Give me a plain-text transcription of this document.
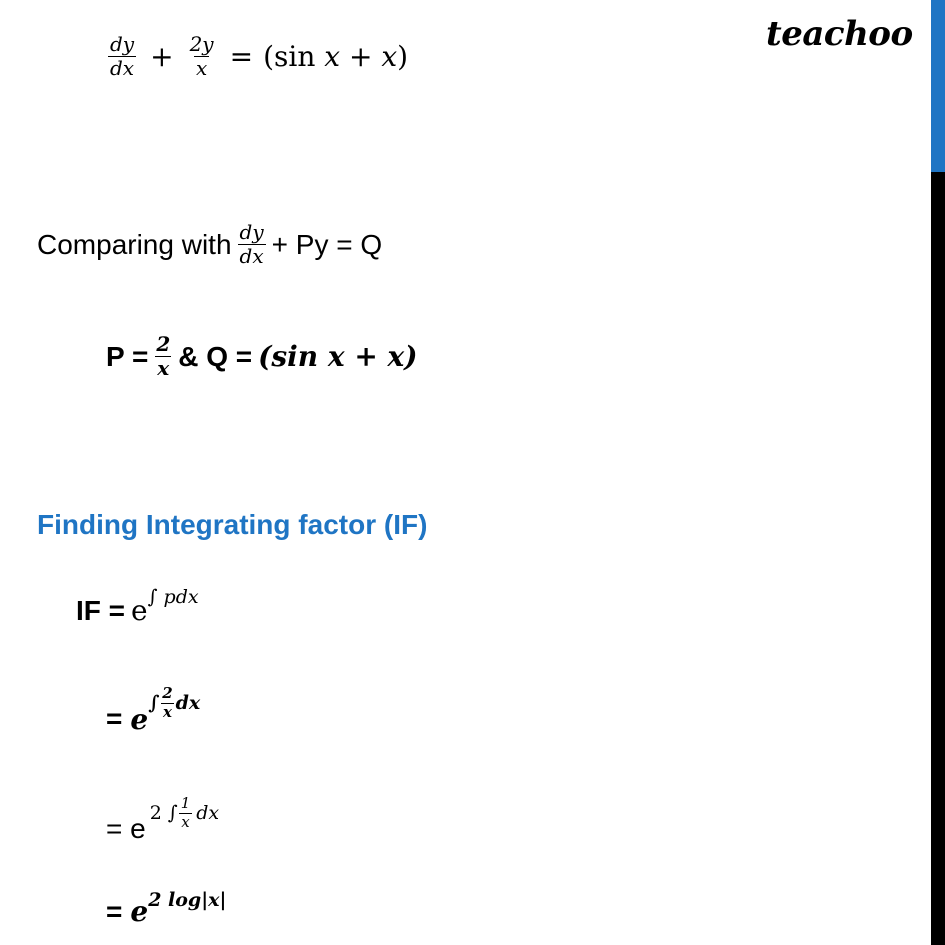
teachoo
$\frac{dy}{dx} + \frac{2y}{x} = (\sin$ 𝑥 + 𝑥)
Comparing with $\frac{dy}{dx} + Py = Q$
$P = \frac{2}{x}$ & Q = (sin x + x)
Finding Integrating factor (IF)
IF = $e^{\int pdx}$
= e $^{\int \frac{2}{x} dx}$
= e $^{2 \int \frac{1}{x} dx}$
= $e^{2 log|x|}$
